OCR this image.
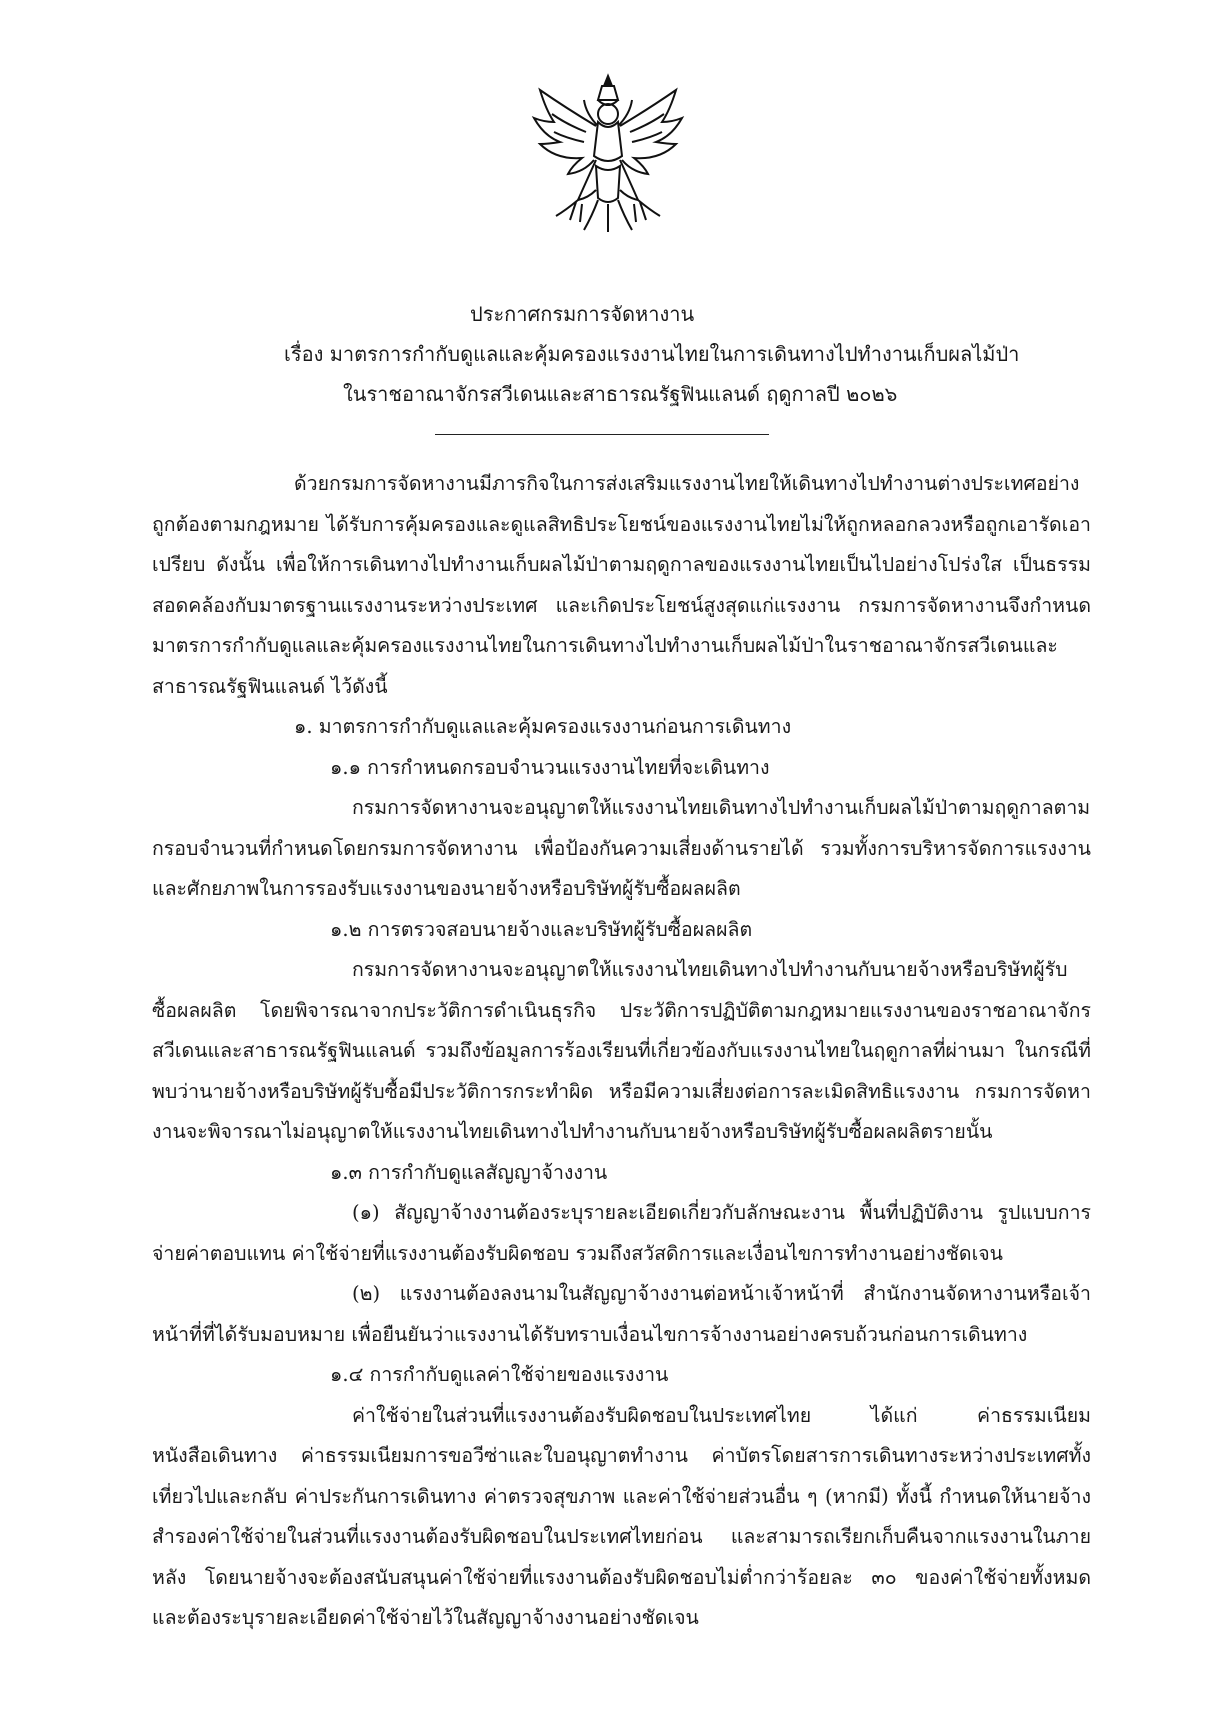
ประกาศกรมการจัดหางาน
เรื่อง มาตรการกำกับดูแลและคุ้มครองแรงงานไทยในการเดินทางไปทำงานเก็บผลไม้ป่า
ในราชอาณาจักรสวีเดนและสาธารณรัฐฟินแลนด์ ฤดูกาลปี ๒๐๒๖

ด้วยกรมการจัดหางานมีภารกิจในการส่งเสริมแรงงานไทยให้เดินทางไปทำงานต่างประเทศอย่างถูกต้องตามกฎหมาย ได้รับการคุ้มครองและดูแลสิทธิประโยชน์ของแรงงานไทยไม่ให้ถูกหลอกลวงหรือถูกเอารัดเอาเปรียบ ดังนั้น เพื่อให้การเดินทางไปทำงานเก็บผลไม้ป่าตามฤดูกาลของแรงงานไทยเป็นไปอย่างโปร่งใส เป็นธรรม สอดคล้องกับมาตรฐานแรงงานระหว่างประเทศ และเกิดประโยชน์สูงสุดแก่แรงงาน กรมการจัดหางานจึงกำหนดมาตรการกำกับดูแลและคุ้มครองแรงงานไทยในการเดินทางไปทำงานเก็บผลไม้ป่าในราชอาณาจักรสวีเดนและสาธารณรัฐฟินแลนด์ ไว้ดังนี้

๑. มาตรการกำกับดูแลและคุ้มครองแรงงานก่อนการเดินทาง

๑.๑ การกำหนดกรอบจำนวนแรงงานไทยที่จะเดินทาง

กรมการจัดหางานจะอนุญาตให้แรงงานไทยเดินทางไปทำงานเก็บผลไม้ป่าตามฤดูกาลตามกรอบจำนวนที่กำหนดโดยกรมการจัดหางาน เพื่อป้องกันความเสี่ยงด้านรายได้ รวมทั้งการบริหารจัดการแรงงานและศักยภาพในการรองรับแรงงานของนายจ้างหรือบริษัทผู้รับซื้อผลผลิต

๑.๒ การตรวจสอบนายจ้างและบริษัทผู้รับซื้อผลผลิต

กรมการจัดหางานจะอนุญาตให้แรงงานไทยเดินทางไปทำงานกับนายจ้างหรือบริษัทผู้รับซื้อผลผลิต โดยพิจารณาจากประวัติการดำเนินธุรกิจ ประวัติการปฏิบัติตามกฎหมายแรงงานของราชอาณาจักรสวีเดนและสาธารณรัฐฟินแลนด์ รวมถึงข้อมูลการร้องเรียนที่เกี่ยวข้องกับแรงงานไทยในฤดูกาลที่ผ่านมา ในกรณีที่พบว่านายจ้างหรือบริษัทผู้รับซื้อมีประวัติการกระทำผิด หรือมีความเสี่ยงต่อการละเมิดสิทธิแรงงาน กรมการจัดหางานจะพิจารณาไม่อนุญาตให้แรงงานไทยเดินทางไปทำงานกับนายจ้างหรือบริษัทผู้รับซื้อผลผลิตรายนั้น

๑.๓ การกำกับดูแลสัญญาจ้างงาน

(๑) สัญญาจ้างงานต้องระบุรายละเอียดเกี่ยวกับลักษณะงาน พื้นที่ปฏิบัติงาน รูปแบบการจ่ายค่าตอบแทน ค่าใช้จ่ายที่แรงงานต้องรับผิดชอบ รวมถึงสวัสดิการและเงื่อนไขการทำงานอย่างชัดเจน

(๒) แรงงานต้องลงนามในสัญญาจ้างงานต่อหน้าเจ้าหน้าที่ สำนักงานจัดหางานหรือเจ้าหน้าที่ที่ได้รับมอบหมาย เพื่อยืนยันว่าแรงงานได้รับทราบเงื่อนไขการจ้างงานอย่างครบถ้วนก่อนการเดินทาง

๑.๔ การกำกับดูแลค่าใช้จ่ายของแรงงาน

ค่าใช้จ่ายในส่วนที่แรงงานต้องรับผิดชอบในประเทศไทย ได้แก่ ค่าธรรมเนียมหนังสือเดินทาง ค่าธรรมเนียมการขอวีซ่าและใบอนุญาตทำงาน ค่าบัตรโดยสารการเดินทางระหว่างประเทศทั้งเที่ยวไปและกลับ ค่าประกันการเดินทาง ค่าตรวจสุขภาพ และค่าใช้จ่ายส่วนอื่น ๆ (หากมี) ทั้งนี้ กำหนดให้นายจ้างสำรองค่าใช้จ่ายในส่วนที่แรงงานต้องรับผิดชอบในประเทศไทยก่อน และสามารถเรียกเก็บคืนจากแรงงานในภายหลัง โดยนายจ้างจะต้องสนับสนุนค่าใช้จ่ายที่แรงงานต้องรับผิดชอบไม่ต่ำกว่าร้อยละ ๓๐ ของค่าใช้จ่ายทั้งหมด และต้องระบุรายละเอียดค่าใช้จ่ายไว้ในสัญญาจ้างงานอย่างชัดเจน
